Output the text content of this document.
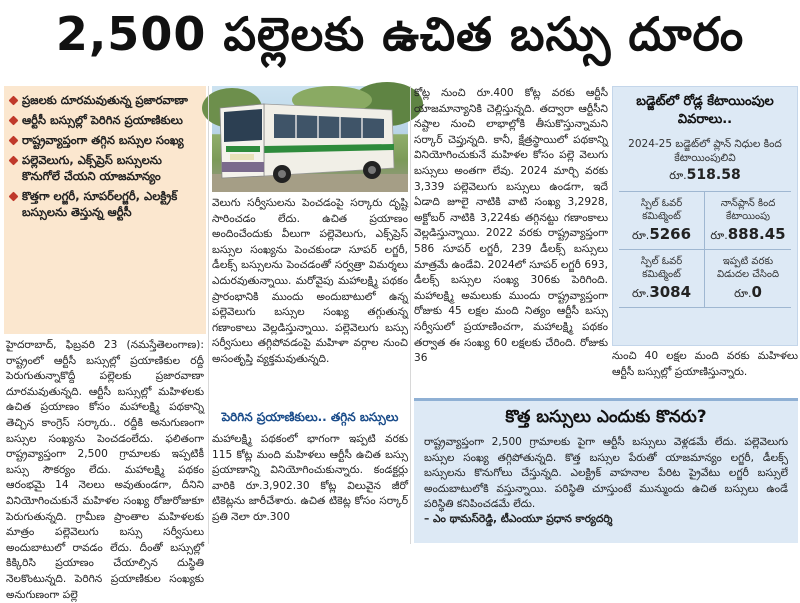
2,500 పల్లెలకు ఉచిత బస్సు దూరం
ప్రజలకు దూరమవుతున్న ప్రజారవాణా
ఆర్టీసీ బస్సుల్లో పెరిగిన ప్రయాణికులు
రాష్ట్రవ్యాప్తంగా తగ్గిన బస్సుల సంఖ్య
పల్లెవెలుగు, ఎక్స్‌ప్రెస్ బస్సులను కొనుగోలే చేయని యాజమాన్యం
కొత్తగా లగ్జరీ, సూపర్‌లగ్జరీ, ఎలక్ట్రిక్ బస్సులను తెస్తున్న ఆర్టీసీ

హైదరాబాద్, ఫిబ్రవరి 23 (నమస్తేతెలంగాణ): రాష్ట్రంలో ఆర్టీసీ బస్సుల్లో ప్రయాణికుల రద్దీ పెరుగుతున్నాకొద్దీ పల్లెలకు ప్రజారవాణా దూరమవుతున్నది. ఆర్టీసీ బస్సుల్లో మహిళలకు ఉచిత ప్రయాణం కోసం మహాలక్ష్మి పథకాన్ని తెచ్చిన కాంగ్రెస్ సర్కారు.. రద్దీకి అనుగుణంగా బస్సుల సంఖ్యను పెంచడంలేదు. ఫలితంగా రాష్ట్రవ్యాప్తంగా 2,500 గ్రామాలకు ఇప్పటికీ బస్సు సౌకర్యం లేదు. మహాలక్ష్మి పథకం ఆరంభమై 14 నెలలు అవుతుండగా, దీనిని వినియోగించుకునే మహిళల సంఖ్య రోజురోజుకూ పెరుగుతున్నది. గ్రామీణ ప్రాంతాల మహిళలకు మాత్రం పల్లెవెలుగు బస్సు సర్వీసులు అందుబాటులో రావడం లేదు. దీంతో బస్సుల్లో కిక్కిరిసి ప్రయాణం చేయాల్సిన దుస్థితి నెలకొంటున్నది. పెరిగిన ప్రయాణికుల సంఖ్యకు అనుగుణంగా పల్లె

వెలుగు సర్వీసులను పెంచడంపై సర్కారు దృష్టి సారించడం లేదు. ఉచిత ప్రయాణం అందించేందుకు వీలుగా పల్లెవెలుగు, ఎక్స్‌ప్రెస్ బస్సుల సంఖ్యను పెంచకుండా సూపర్ లగ్జరీ, డీలక్స్ బస్సులను పెంచడంతో సర్వత్రా విమర్శలు ఎదురవుతున్నాయి. మరోవైపు మహాలక్ష్మి పథకం ప్రారంభానికి ముందు అందుబాటులో ఉన్న పల్లెవెలుగు బస్సుల సంఖ్య తగ్గుతున్న గణాంకాలు వెల్లడిస్తున్నాయి. పల్లెవెలుగు బస్సు సర్వీసులు తగ్గిపోవడంపై మహిళా వర్గాల నుంచి అసంతృప్తి వ్యక్తమవుతున్నది.

పెరిగిన ప్రయాణికులు.. తగ్గిన బస్సులు

మహాలక్ష్మి పథకంలో భాగంగా ఇప్పటి వరకు 115 కోట్ల మంది మహిళలు ఆర్టీసీ ఉచిత బస్సు ప్రయాణాన్ని వినియోగించుకున్నారు. కండక్టర్లు వారికి రూ.3,902.30 కోట్ల విలువైన జీరో టికెట్లను జారీచేశారు. ఉచిత టికెట్ల కోసం సర్కార్ ప్రతి నెలా రూ.300

కోట్ల నుంచి రూ.400 కోట్ల వరకు ఆర్టీసీ యాజమాన్యానికి చెల్లిస్తున్నది. తద్వారా ఆర్టీసీని నష్టాల నుంచి లాభాల్లోకి తీసుకొస్తున్నామని సర్కార్ చెప్తున్నది. కానీ, క్షేత్రస్థాయిలో పథకాన్ని వినియోగించుకునే మహిళల కోసం పల్లె వెలుగు బస్సులు అంతగా లేవు. 2024 మార్చి వరకు 3,339 పల్లెవెలుగు బస్సులు ఉండగా, ఇదే ఏడాది జూలై నాటికి వాటి సంఖ్య 3,2928, అక్టోబర్ నాటికి 3,224కు తగ్గినట్టు గణాంకాలు వెల్లడిస్తున్నాయి. 2022 వరకు రాష్ట్రవ్యాప్తంగా 586 సూపర్ లగ్జరీ, 239 డీలక్స్ బస్సులు మాత్రమే ఉండేవి. 2024లో సూపర్ లగ్జరీ 693, డీలక్స్ బస్సుల సంఖ్య 306కు పెరిగింది. మహాలక్ష్మి అమలుకు ముందు రాష్ట్రవ్యాప్తంగా రోజుకు 45 లక్షల మంది నిత్యం ఆర్టీసీ బస్సు సర్వీసులో ప్రయాణించగా, మహాలక్ష్మి పథకం తర్వాత ఈ సంఖ్య 60 లక్షలకు చేరింది. రోజుకు 36

బడ్జెట్‌లో రోడ్ల కేటాయింపుల వివరాలు..
2024-25 బడ్జెట్‌లో ప్లాన్ నిధుల కింద కేటాయింపులివి
రూ.518.58
స్పిల్ ఓవర్ కమిట్మెంట్
రూ.5266
నాన్‌ప్లాన్ కింద కేటాయింపు
రూ.888.45
స్పిల్ ఓవర్ కమిట్మెంట్
రూ.3084
ఇప్పటి వరకు విడుదల చేసింది
రూ.0

నుంచి 40 లక్షల మంది వరకు మహిళలు ఆర్టీసీ బస్సుల్లో ప్రయాణిస్తున్నారు.

కొత్త బస్సులు ఎందుకు కొనరు?
రాష్ట్రవ్యాప్తంగా 2,500 గ్రామాలకు పైగా ఆర్టీసీ బస్సులు వెళ్లడమే లేదు. పల్లెవెలుగు బస్సుల సంఖ్య తగ్గిపోతున్నది. కొత్త బస్సుల పేరుతో యాజమాన్యం లగ్జరీ, డీలక్స్ బస్సులను కొనుగోలు చేస్తున్నది. ఎలక్ట్రిక్ వాహనాల పేరిట ప్రైవేటు లగ్జరీ బస్సులే అందుబాటులోకి వస్తున్నాయి. పరిస్థితి చూస్తుంటే మున్ముందు ఉచిత బస్సులు ఉండే పరిస్థితి కనిపించడమే లేదు.
– ఎం థామస్‌రెడ్డి, టీఎంయూ ప్రధాన కార్యదర్శి
